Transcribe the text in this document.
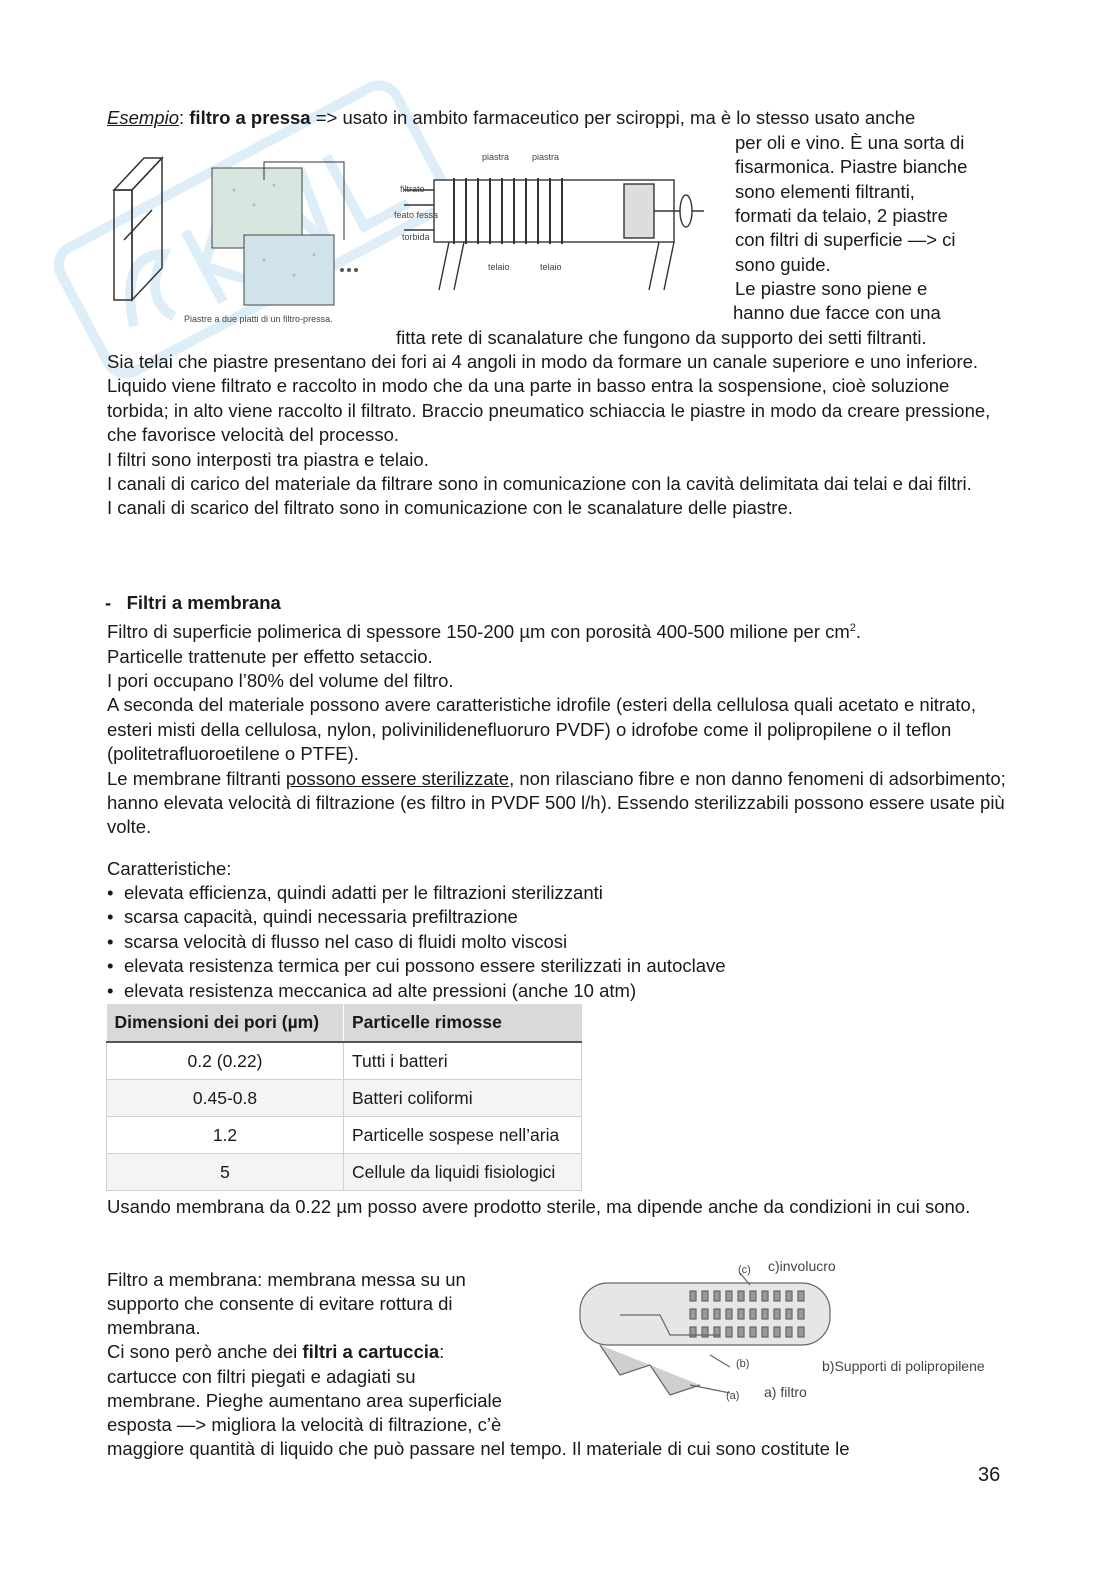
Esempio: filtro a pressa => usato in ambito farmaceutico per sciroppi, ma è lo stesso usato anche
Piastre a due piatti di un filtro-pressa.
piastra	piastra
filtrato
feato fessa
torbida
telaio	telaio
per oli e vino. È una sorta di
fisarmonica. Piastre bianche
sono elementi filtranti,
formati da telaio, 2 piastre
con filtri di superficie —> ci
sono guide.
Le piastre sono piene e
hanno due facce con una
fitta rete di scanalature che fungono da supporto dei setti filtranti.

Sia telai che piastre presentano dei fori ai 4 angoli in modo da formare un canale superiore e uno inferiore. Liquido viene filtrato e raccolto in modo che da una parte in basso entra la sospensione, cioè soluzione torbida; in alto viene raccolto il filtrato. Braccio pneumatico schiaccia le piastre in modo da creare pressione, che favorisce velocità del processo.

I filtri sono interposti tra piastra e telaio.

I canali di carico del materiale da filtrare sono in comunicazione con la cavità delimitata dai telai e dai filtri.

I canali di scarico del filtrato sono in comunicazione con le scanalature delle piastre.

- Filtri a membrana

Filtro di superficie polimerica di spessore 150-200 µm con porosità 400-500 milione per $cm^2$.

Particelle trattenute per effetto setaccio.

I pori occupano l’80% del volume del filtro.

A seconda del materiale possono avere caratteristiche idrofile (esteri della cellulosa quali acetato e nitrato, esteri misti della cellulosa, nylon, polivinilidenefluoruro PVDF) o idrofobe come il polipropilene o il teflon (politetrafluoroetilene o PTFE).

Le membrane filtranti possono essere sterilizzate, non rilasciano fibre e non danno fenomeni di adsorbimento; hanno elevata velocità di filtrazione (es filtro in PVDF 500 l/h). Essendo sterilizzabili possono essere usate più volte.

Caratteristiche:
• elevata efficienza, quindi adatti per le filtrazioni sterilizzanti
• scarsa capacità, quindi necessaria prefiltrazione
• scarsa velocità di flusso nel caso di fluidi molto viscosi
• elevata resistenza termica per cui possono essere sterilizzati in autoclave
• elevata resistenza meccanica ad alte pressioni (anche 10 atm)
Dimensioni dei pori (µm)	Particelle rimosse
0.2 (0.22)	Tutti i batteri
0.45-0.8	Batteri coliformi
1.2	Particelle sospese nell’aria
5	Cellule da liquidi fisiologici
Usando membrana da 0.22 µm posso avere prodotto sterile, ma dipende anche da condizioni in cui sono.
Filtro a membrana: membrana messa su un
supporto che consente di evitare rottura di
membrana.
Ci sono però anche dei filtri a cartuccia:
cartucce con filtri piegati e adagiati su
membrane. Pieghe aumentano area superficiale
esposta —> migliora la velocità di filtrazione, c’è
maggiore quantità di liquido che può passare nel tempo. Il materiale di cui sono costitute le
(c) c)involucro
(b)	b)Supporti di polipropilene
(a) a) filtro
36
